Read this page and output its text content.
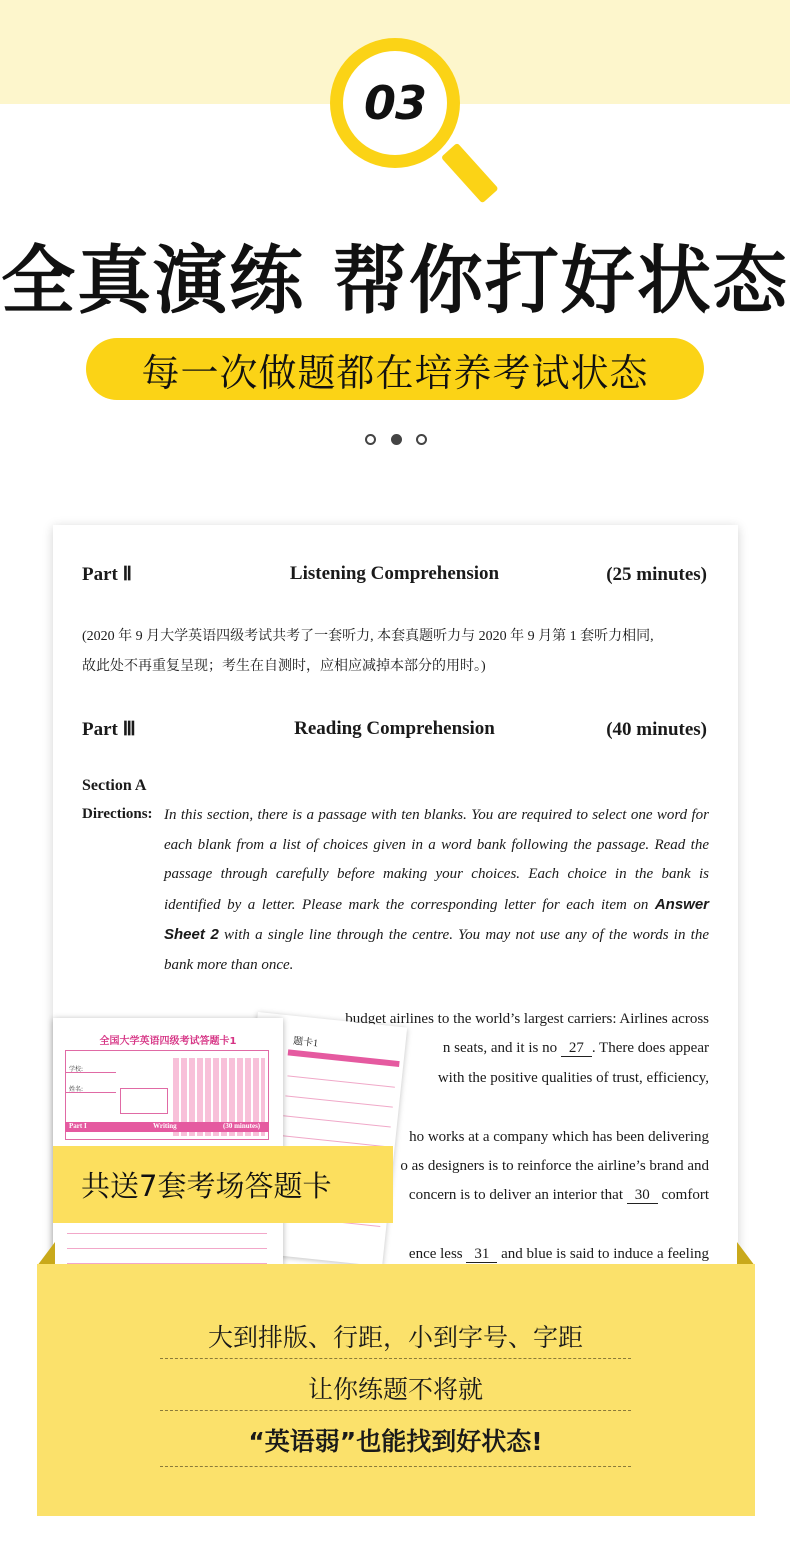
03
全真演练 帮你打好状态
每一次做题都在培养考试状态
Part Ⅱ	Listening Comprehension	(25 minutes)
(2020 年 9 月大学英语四级考试共考了一套听力, 本套真题听力与 2020 年 9 月第 1 套听力相同,
故此处不再重复呈现；考生在自测时，应相应减掉本部分的用时。)
Part Ⅲ	Reading Comprehension	(40 minutes)
Section A
Directions: In this section, there is a passage with ten blanks. You are required to select one word for each blank from a list of choices given in a word bank following the passage. Read the passage through carefully before making your choices. Each choice in the bank is identified by a letter. Please mark the corresponding letter for each item on Answer Sheet 2 with a single line through the centre. You may not use any of the words in the bank more than once.
budget airlines to the world’s largest carriers: Airlines across
n seats, and it is no 27 . There does appear
with the positive qualities of trust, efficiency,
ho works at a company which has been delivering
o as designers is to reinforce the airline’s brand and
concern is to deliver an interior that 30 comfort
ence less 31 and blue is said to induce a feeling
题卡1
全国大学英语四级考试答题卡1
学校:
姓名:
Part I	Writing	(30 minutes)
共送7套考场答题卡
大到排版、行距，小到字号、字距
让你练题不将就
“英语弱”也能找到好状态!
